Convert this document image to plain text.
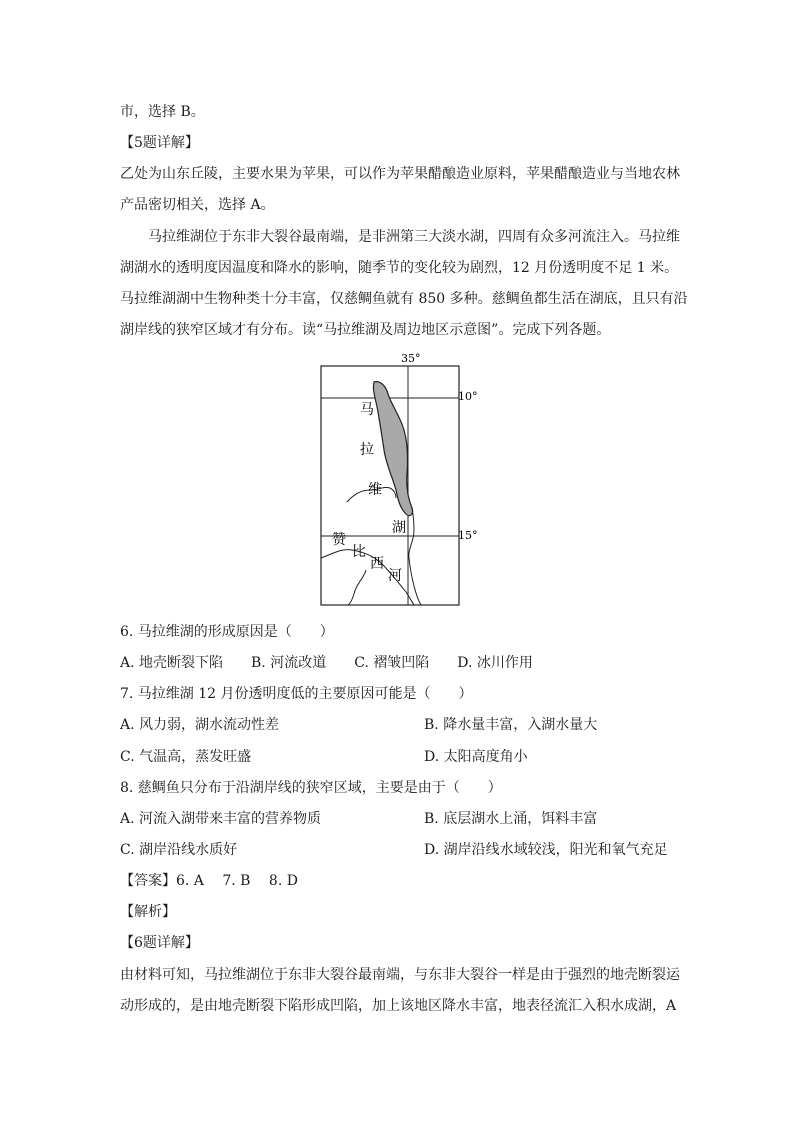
市，选择 B。
【5题详解】
乙处为山东丘陵，主要水果为苹果，可以作为苹果醋酿造业原料，苹果醋酿造业与当地农林
产品密切相关，选择 A。
马拉维湖位于东非大裂谷最南端，是非洲第三大淡水湖，四周有众多河流注入。马拉维
湖湖水的透明度因温度和降水的影响，随季节的变化较为剧烈，12 月份透明度不足 1 米。
马拉维湖湖中生物种类十分丰富，仅慈鲷鱼就有 850 多种。慈鲷鱼都生活在湖底，且只有沿
湖岸线的狭窄区域才有分布。读“马拉维湖及周边地区示意图”。完成下列各题。
35°
10°
15°
马
拉
维
湖
赞
比
西
河
6. 马拉维湖的形成原因是（　　）
A. 地壳断裂下陷　　B. 河流改道　　C. 褶皱凹陷　　D. 冰川作用
7. 马拉维湖 12 月份透明度低的主要原因可能是（　　）
A. 风力弱，湖水流动性差	B. 降水量丰富，入湖水量大
C. 气温高，蒸发旺盛	D. 太阳高度角小
8. 慈鲷鱼只分布于沿湖岸线的狭窄区域，主要是由于（　　）
A. 河流入湖带来丰富的营养物质	B. 底层湖水上涌，饵料丰富
C. 湖岸沿线水质好	D. 湖岸沿线水域较浅，阳光和氧气充足
【答案】6. A　 7. B　 8. D
【解析】
【6题详解】
由材料可知，马拉维湖位于东非大裂谷最南端，与东非大裂谷一样是由于强烈的地壳断裂运
动形成的，是由地壳断裂下陷形成凹陷，加上该地区降水丰富，地表径流汇入积水成湖，A
